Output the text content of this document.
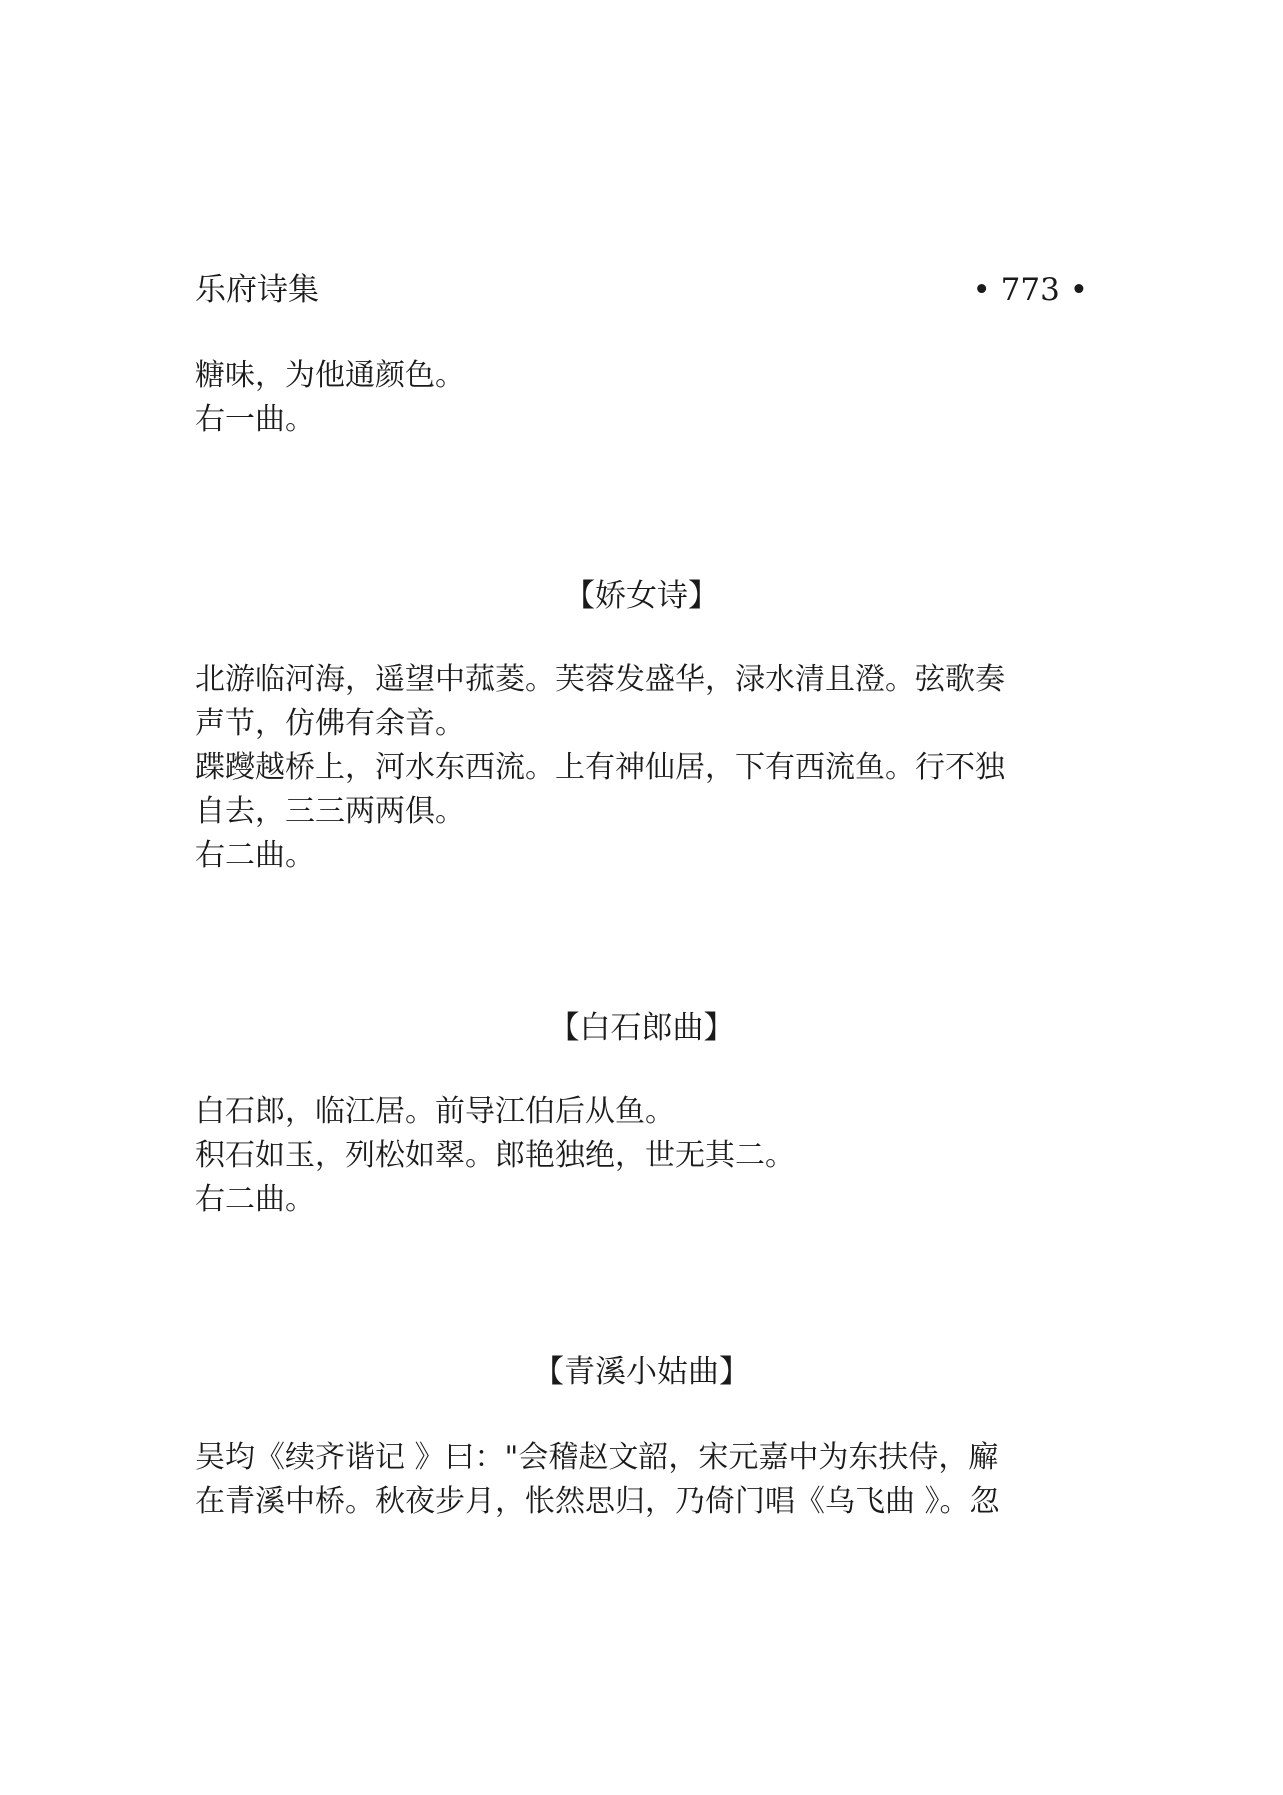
乐府诗集	• 773 •
糖味，为他通颜色。
右一曲。
【娇女诗】
北游临河海，遥望中菰菱。芙蓉发盛华，渌水清且澄。弦歌奏
声节，仿佛有余音。
蹀躞越桥上，河水东西流。上有神仙居，下有西流鱼。行不独
自去，三三两两俱。
右二曲。
【白石郎曲】
白石郎，临江居。前导江伯后从鱼。
积石如玉，列松如翠。郎艳独绝，世无其二。
右二曲。
【青溪小姑曲】
吴均《续齐谐记 》曰："会稽赵文韶，宋元嘉中为东扶侍，廨
在青溪中桥。秋夜步月，怅然思归，乃倚门唱《乌飞曲 》。忽
